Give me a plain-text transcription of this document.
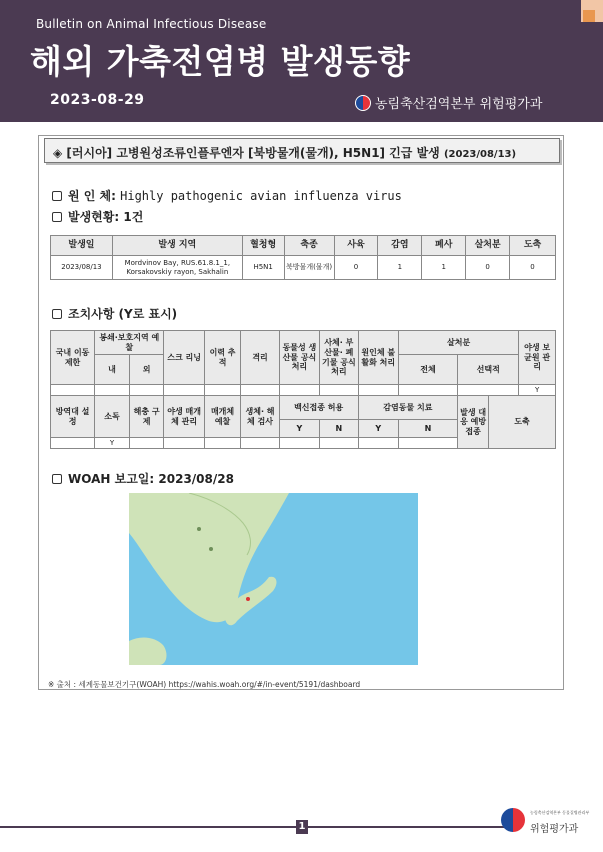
Bulletin on Animal Infectious Disease
해외 가축전염병 발생동향
2023-08-29	농림축산검역본부 위험평가과
◈ [러시아] 고병원성조류인플루엔자 [북방물개(물개), H5N1] 긴급 발생 (2023/08/13)
원 인 체:
Highly pathogenic avian influenza virus
발생현황:
1건
발생일	발생 지역	혈청형	축종	사육	감염	폐사	살처분	도축
2023/08/13	Mordvinov Bay, RUS.61.8.1_1, Korsakovskiy rayon, Sakhalin	H5N1	북방물개(물개)	0	1	1	0	0
조치사항 (Y로 표시)
국내 이동 제한	봉쇄·보호지역 예찰		스크 리닝	이력 추적	격리	동물성 생산물 공식 처리	사체· 부산물· 폐기물 공식 처리	원인체 불활화 처리	살처분			야생 보균원 관리
	내	외							전체	선택적		
												Y
방역대 설정	소독	해충 구제	야생 매개체 관리	매개체 예찰	생체· 해체 검사	백신접종 허용		감염동물 치료		발생 대응 예방 접종	도축	
						Y	N	Y	N			
	Y											
WOAH 보고일:
2023/08/28
※ 출처 : 세계동물보건기구(WOAH) https://wahis.woah.org/#/in-event/5191/dashboard
1
농림축산검역본부 동물질병관리부
위험평가과
